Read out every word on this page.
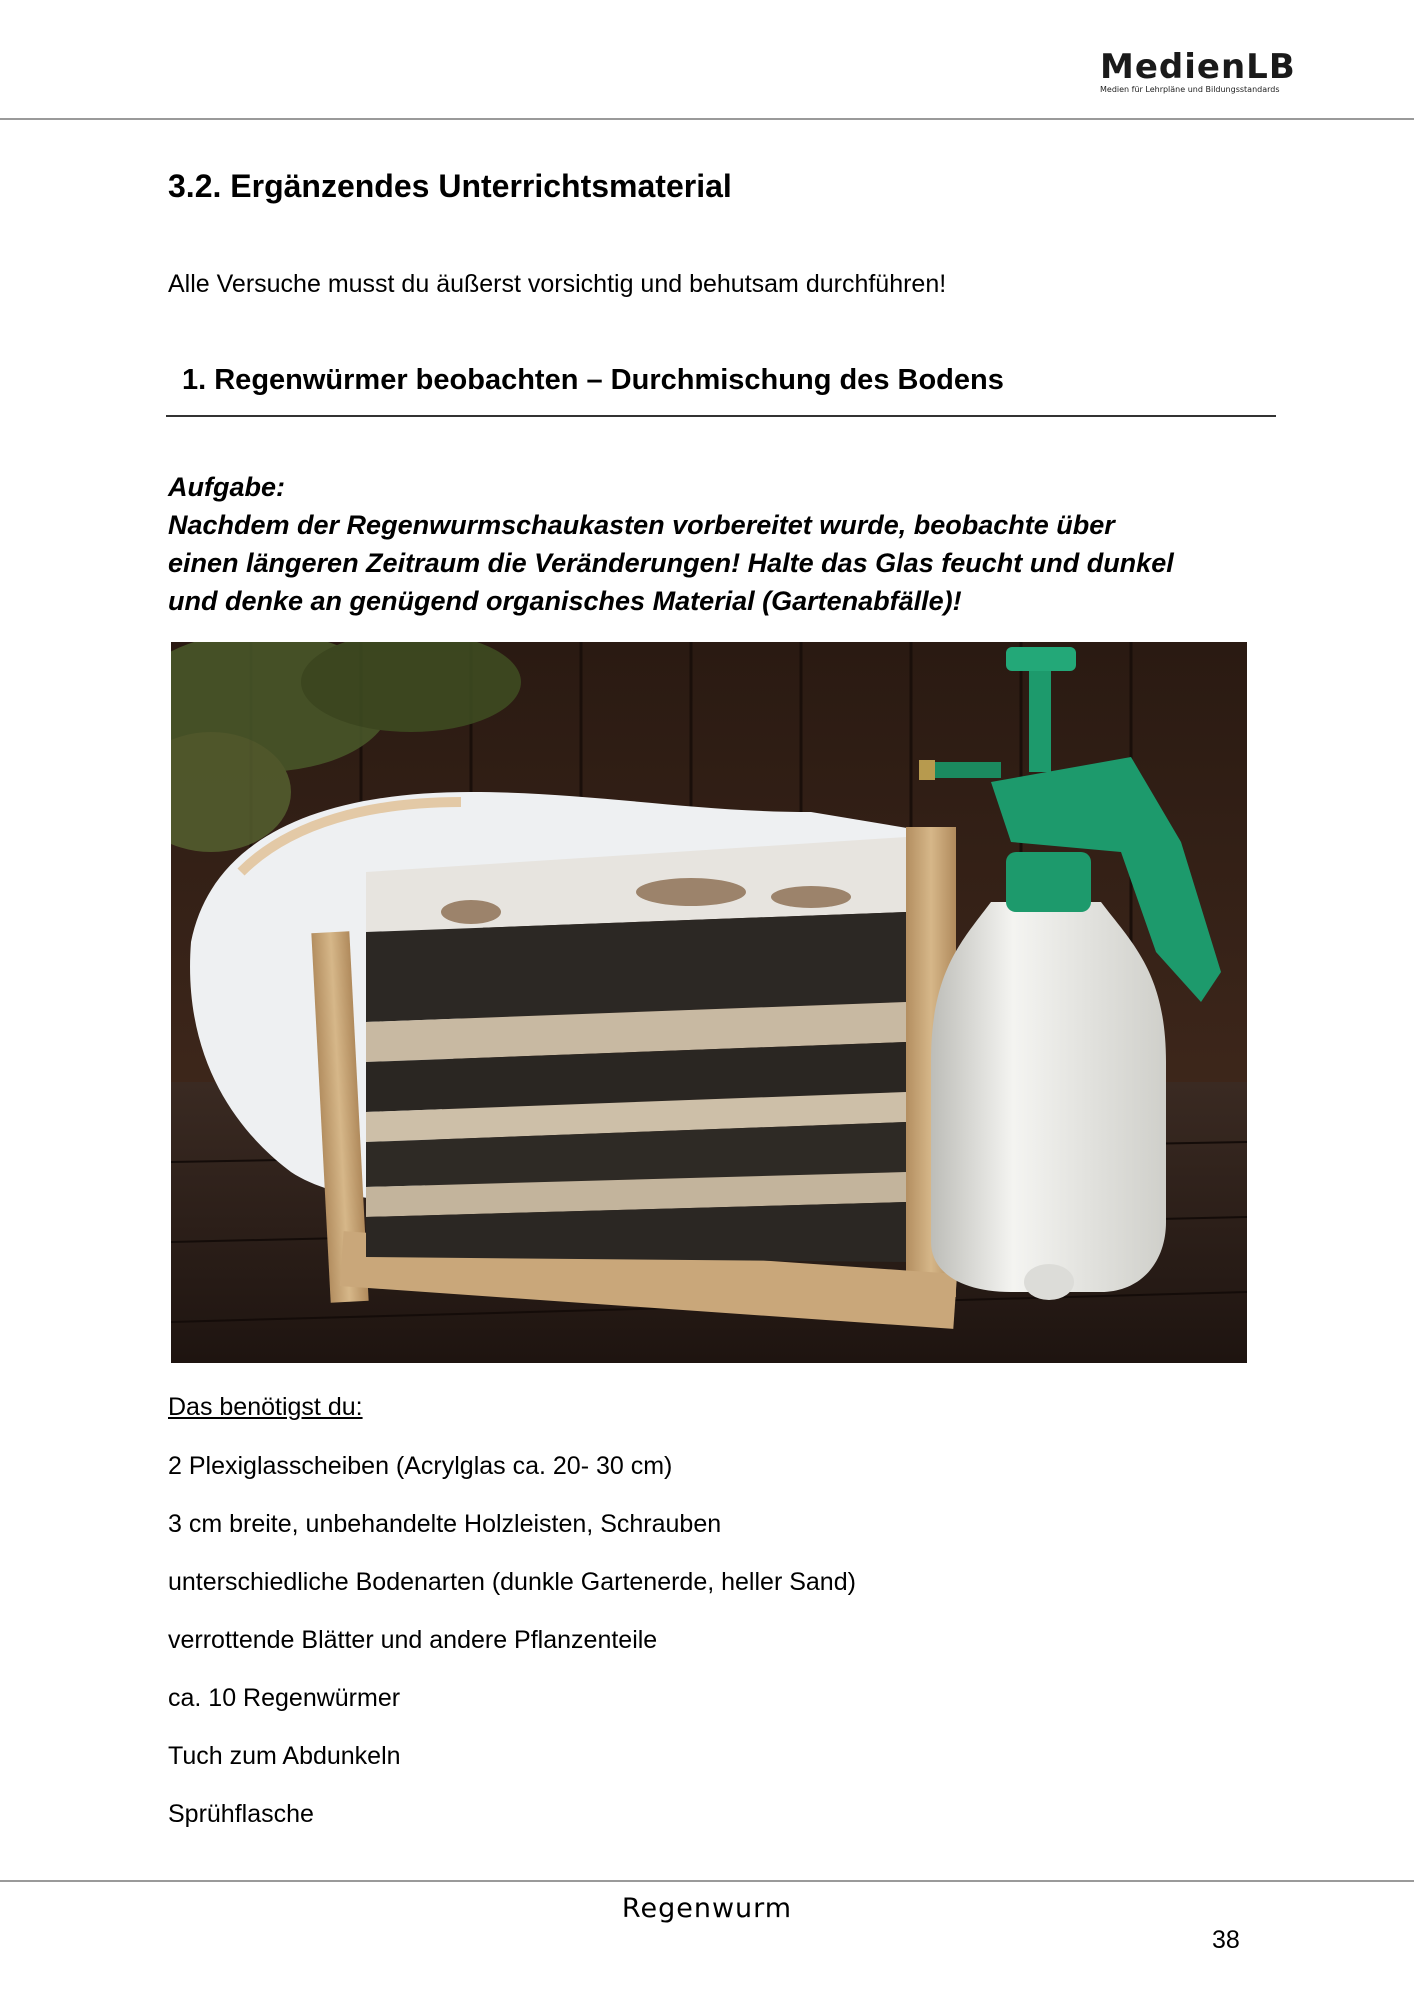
MedienLB
Medien für Lehrpläne und Bildungsstandards
3.2. Ergänzendes Unterrichtsmaterial

Alle Versuche musst du äußerst vorsichtig und behutsam durchführen!

1. Regenwürmer beobachten – Durchmischung des Bodens

Aufgabe:

Nachdem der Regenwurmschaukasten vorbereitet wurde, beobachte über

einen längeren Zeitraum die Veränderungen! Halte das Glas feucht und dunkel

und denke an genügend organisches Material (Gartenabfälle)!

Das benötigst du:

2 Plexiglasscheiben (Acrylglas ca. 20- 30 cm)
3 cm breite, unbehandelte Holzleisten, Schrauben
unterschiedliche Bodenarten (dunkle Gartenerde, heller Sand)
verrottende Blätter und andere Pflanzenteile
ca. 10 Regenwürmer
Tuch zum Abdunkeln
Sprühflasche
Regenwurm
38
